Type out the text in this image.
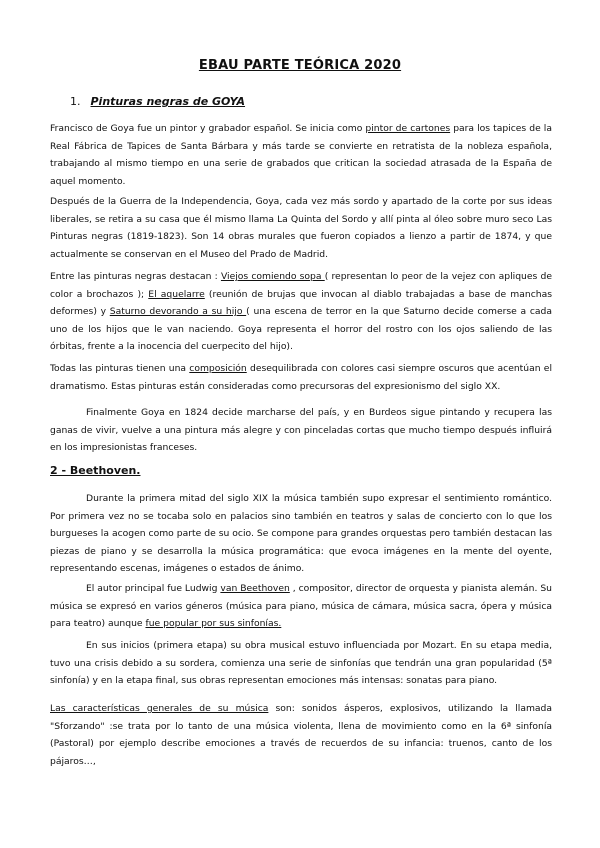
EBAU PARTE TEÓRICA 2020
1. Pinturas negras de GOYA

Francisco de Goya fue un pintor y grabador español. Se inicia como pintor de cartones para los tapices de la Real Fábrica de Tapices de Santa Bárbara y más tarde se convierte en retratista de la nobleza española, trabajando al mismo tiempo en una serie de grabados que critican la sociedad atrasada de la España de aquel momento.

Después de la Guerra de la Independencia, Goya, cada vez más sordo y apartado de la corte por sus ideas liberales, se retira a su casa que él mismo llama La Quinta del Sordo y allí pinta al óleo sobre muro seco Las Pinturas negras (1819-1823). Son 14 obras murales que fueron copiados a lienzo a partir de 1874, y que actualmente se conservan en el Museo del Prado de Madrid.

Entre las pinturas negras destacan : Viejos comiendo sopa ( representan lo peor de la vejez con apliques de color a brochazos ); El aquelarre (reunión de brujas que invocan al diablo trabajadas a base de manchas deformes) y Saturno devorando a su hijo ( una escena de terror en la que Saturno decide comerse a cada uno de los hijos que le van naciendo. Goya representa el horror del rostro con los ojos saliendo de las órbitas, frente a la inocencia del cuerpecito del hijo).

Todas las pinturas tienen una composición desequilibrada con colores casi siempre oscuros que acentúan el dramatismo. Estas pinturas están consideradas como precursoras del expresionismo del siglo XX.

Finalmente Goya en 1824 decide marcharse del país, y en Burdeos sigue pintando y recupera las ganas de vivir, vuelve a una pintura más alegre y con pinceladas cortas que mucho tiempo después influirá en los impresionistas franceses.

2 - Beethoven.

Durante la primera mitad del siglo XIX la música también supo expresar el sentimiento romántico. Por primera vez no se tocaba solo en palacios sino también en teatros y salas de concierto con lo que los burgueses la acogen como parte de su ocio. Se compone para grandes orquestas pero también destacan las piezas de piano y se desarrolla la música programática: que evoca imágenes en la mente del oyente, representando escenas, imágenes o estados de ánimo.

El autor principal fue Ludwig van Beethoven , compositor, director de orquesta y pianista alemán. Su música se expresó en varios géneros (música para piano, música de cámara, música sacra, ópera y música para teatro) aunque fue popular por sus sinfonías.

En sus inicios (primera etapa) su obra musical estuvo influenciada por Mozart. En su etapa media, tuvo una crisis debido a su sordera, comienza una serie de sinfonías que tendrán una gran popularidad (5ª sinfonía) y en la etapa final, sus obras representan emociones más intensas: sonatas para piano.

Las características generales de su música son: sonidos ásperos, explosivos, utilizando la llamada "Sforzando" :se trata por lo tanto de una música violenta, llena de movimiento como en la 6ª sinfonía (Pastoral) por ejemplo describe emociones a través de recuerdos de su infancia: truenos, canto de los pájaros…,
